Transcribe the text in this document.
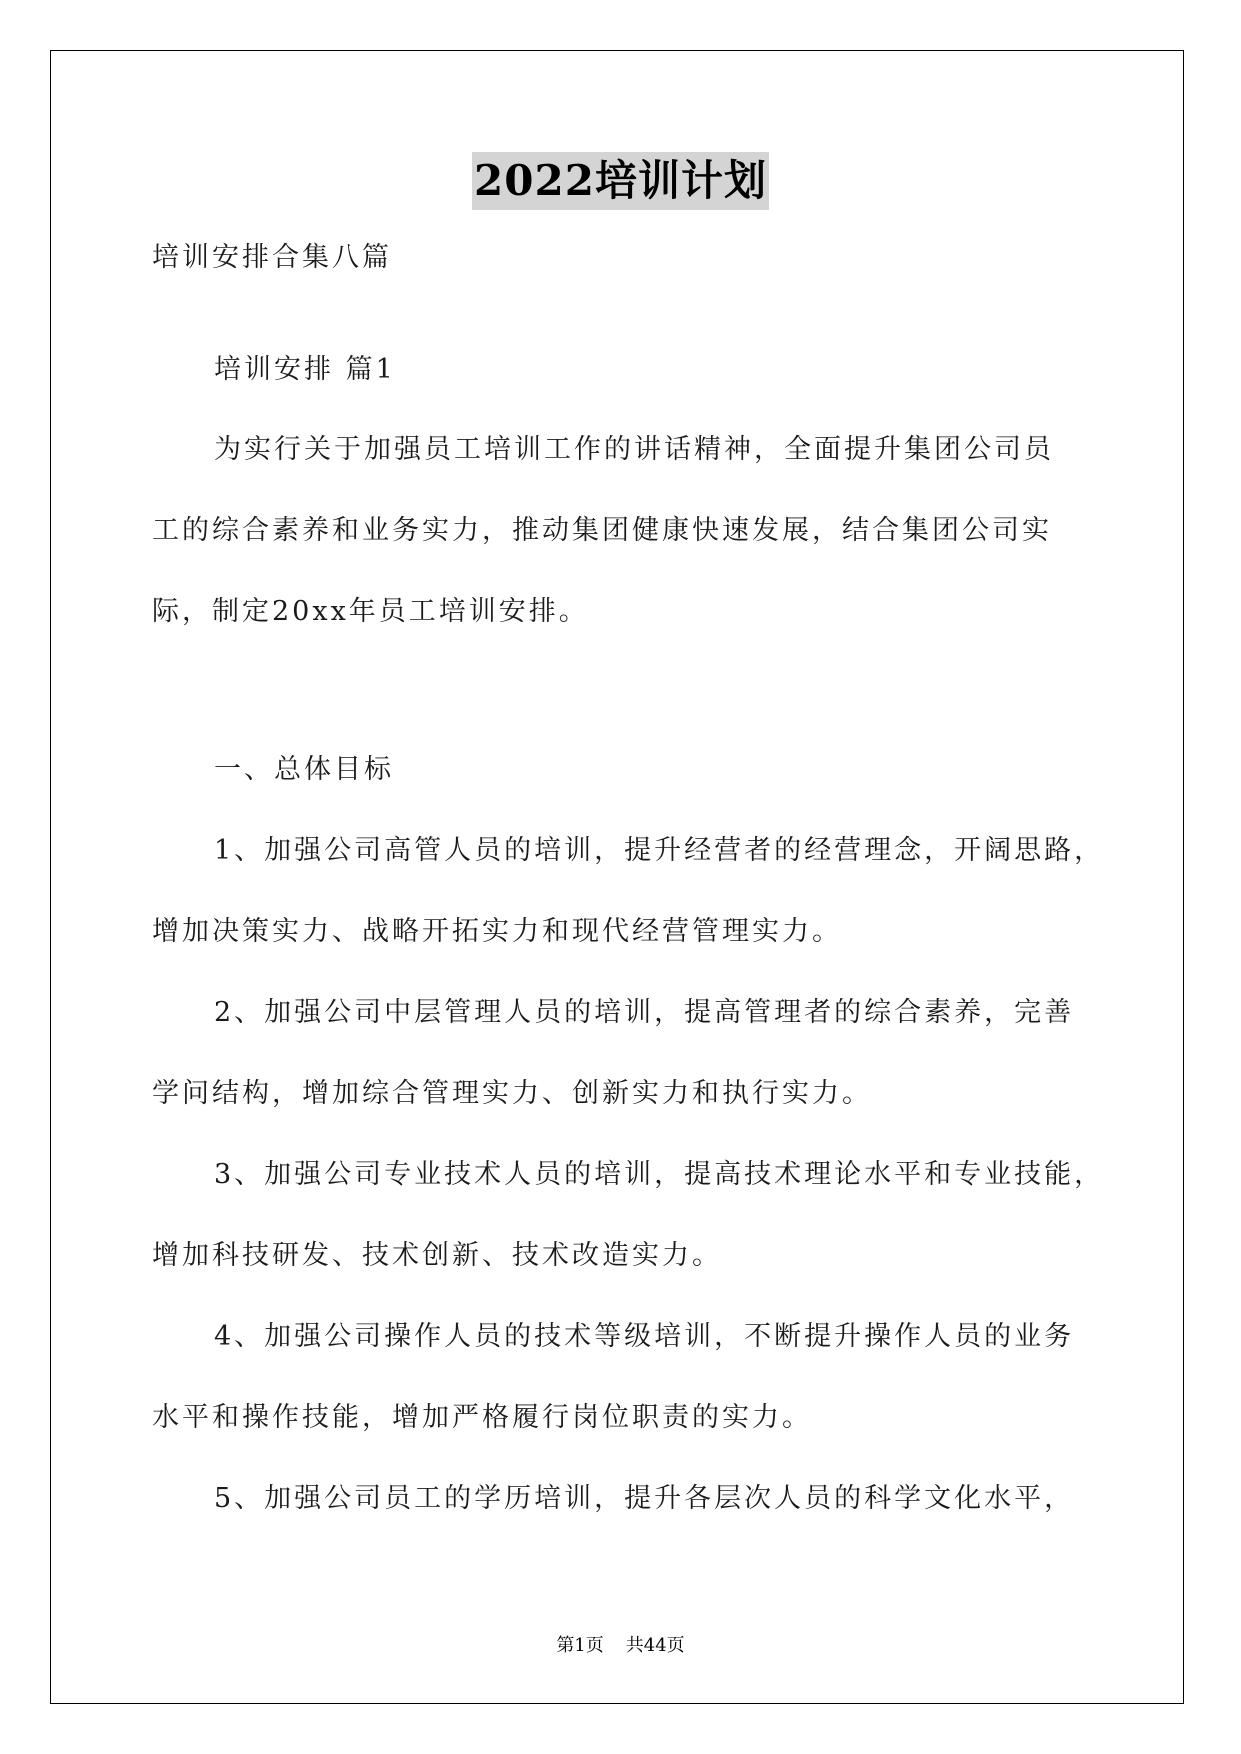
2022培训计划
培训安排合集八篇
培训安排 篇1
为实行关于加强员工培训工作的讲话精神，全面提升集团公司员
工的综合素养和业务实力，推动集团健康快速发展，结合集团公司实
际，制定20xx年员工培训安排。
一、总体目标
1、加强公司高管人员的培训，提升经营者的经营理念，开阔思路，
增加决策实力、战略开拓实力和现代经营管理实力。
2、加强公司中层管理人员的培训，提高管理者的综合素养，完善
学问结构，增加综合管理实力、创新实力和执行实力。
3、加强公司专业技术人员的培训，提高技术理论水平和专业技能，
增加科技研发、技术创新、技术改造实力。
4、加强公司操作人员的技术等级培训，不断提升操作人员的业务
水平和操作技能，增加严格履行岗位职责的实力。
5、加强公司员工的学历培训，提升各层次人员的科学文化水平，
第1页 共44页
